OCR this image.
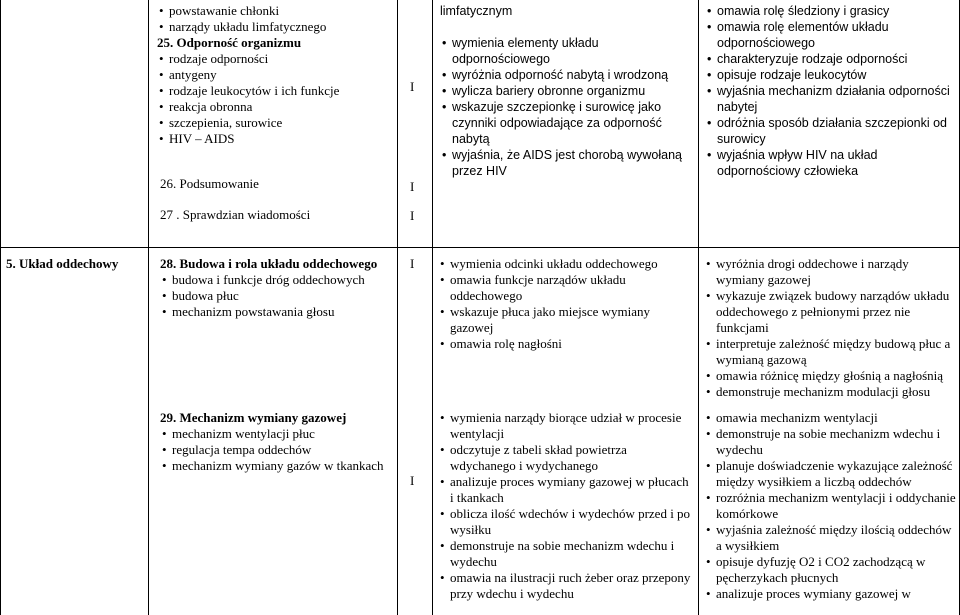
• powstawanie chłonki
• narządy układu limfatycznego
25. Odporność organizmu
• rodzaje odporności
• antygeny
• rodzaje leukocytów i ich funkcje
• reakcja obronna
• szczepienia, surowice
• HIV – AIDS
26. Podsumowanie
27 . Sprawdzian wiadomości
I
I
I
limfatycznym
• wymienia elementy układu odpornościowego
• wyróżnia odporność nabytą i wrodzoną
• wylicza bariery obronne organizmu
• wskazuje szczepionkę i surowicę jako czynniki odpowiadające za odporność nabytą
• wyjaśnia, że AIDS jest chorobą wywołaną przez HIV
• omawia rolę śledziony i grasicy
• omawia rolę elementów układu odpornościowego
• charakteryzuje rodzaje odporności
• opisuje rodzaje leukocytów
• wyjaśnia mechanizm działania odporności nabytej
• odróżnia sposób działania szczepionki od surowicy
• wyjaśnia wpływ HIV na układ odpornościowy człowieka
5. Układ oddechowy	28. Budowa i rola układu oddechowego
• budowa i funkcje dróg oddechowych
• budowa płuc
• mechanizm powstawania głosu
I
•	wymienia odcinki układu oddechowego
• omawia funkcje narządów układu oddechowego
• wskazuje płuca jako miejsce wymiany gazowej
• omawia rolę nagłośni
• wyróżnia drogi oddechowe i narządy wymiany gazowej
• wykazuje związek budowy narządów układu oddechowego z pełnionymi przez nie funkcjami
• interpretuje zależność między budową płuc a wymianą gazową
• omawia różnicę między głośnią a nagłośnią
• demonstruje mechanizm modulacji głosu
29. Mechanizm wymiany gazowej
• mechanizm wentylacji płuc
• regulacja tempa oddechów
• mechanizm wymiany gazów w tkankach
I
• wymienia narządy biorące udział w procesie wentylacji
• odczytuje z tabeli skład powietrza wdychanego i wydychanego
• analizuje proces wymiany gazowej w płucach i tkankach
• oblicza ilość wdechów i wydechów przed i po wysiłku
• demonstruje na sobie mechanizm wdechu i wydechu
• omawia na ilustracji ruch żeber oraz przepony przy wdechu i wydechu
• omawia mechanizm wentylacji
• demonstruje na sobie mechanizm wdechu i wydechu
• planuje doświadczenie wykazujące zależność między wysiłkiem a liczbą oddechów
• rozróżnia mechanizm wentylacji i oddychanie komórkowe
• wyjaśnia zależność między ilością oddechów a wysiłkiem
• opisuje dyfuzję O2 i CO2 zachodzącą w pęcherzykach płucnych
• analizuje proces wymiany gazowej w
